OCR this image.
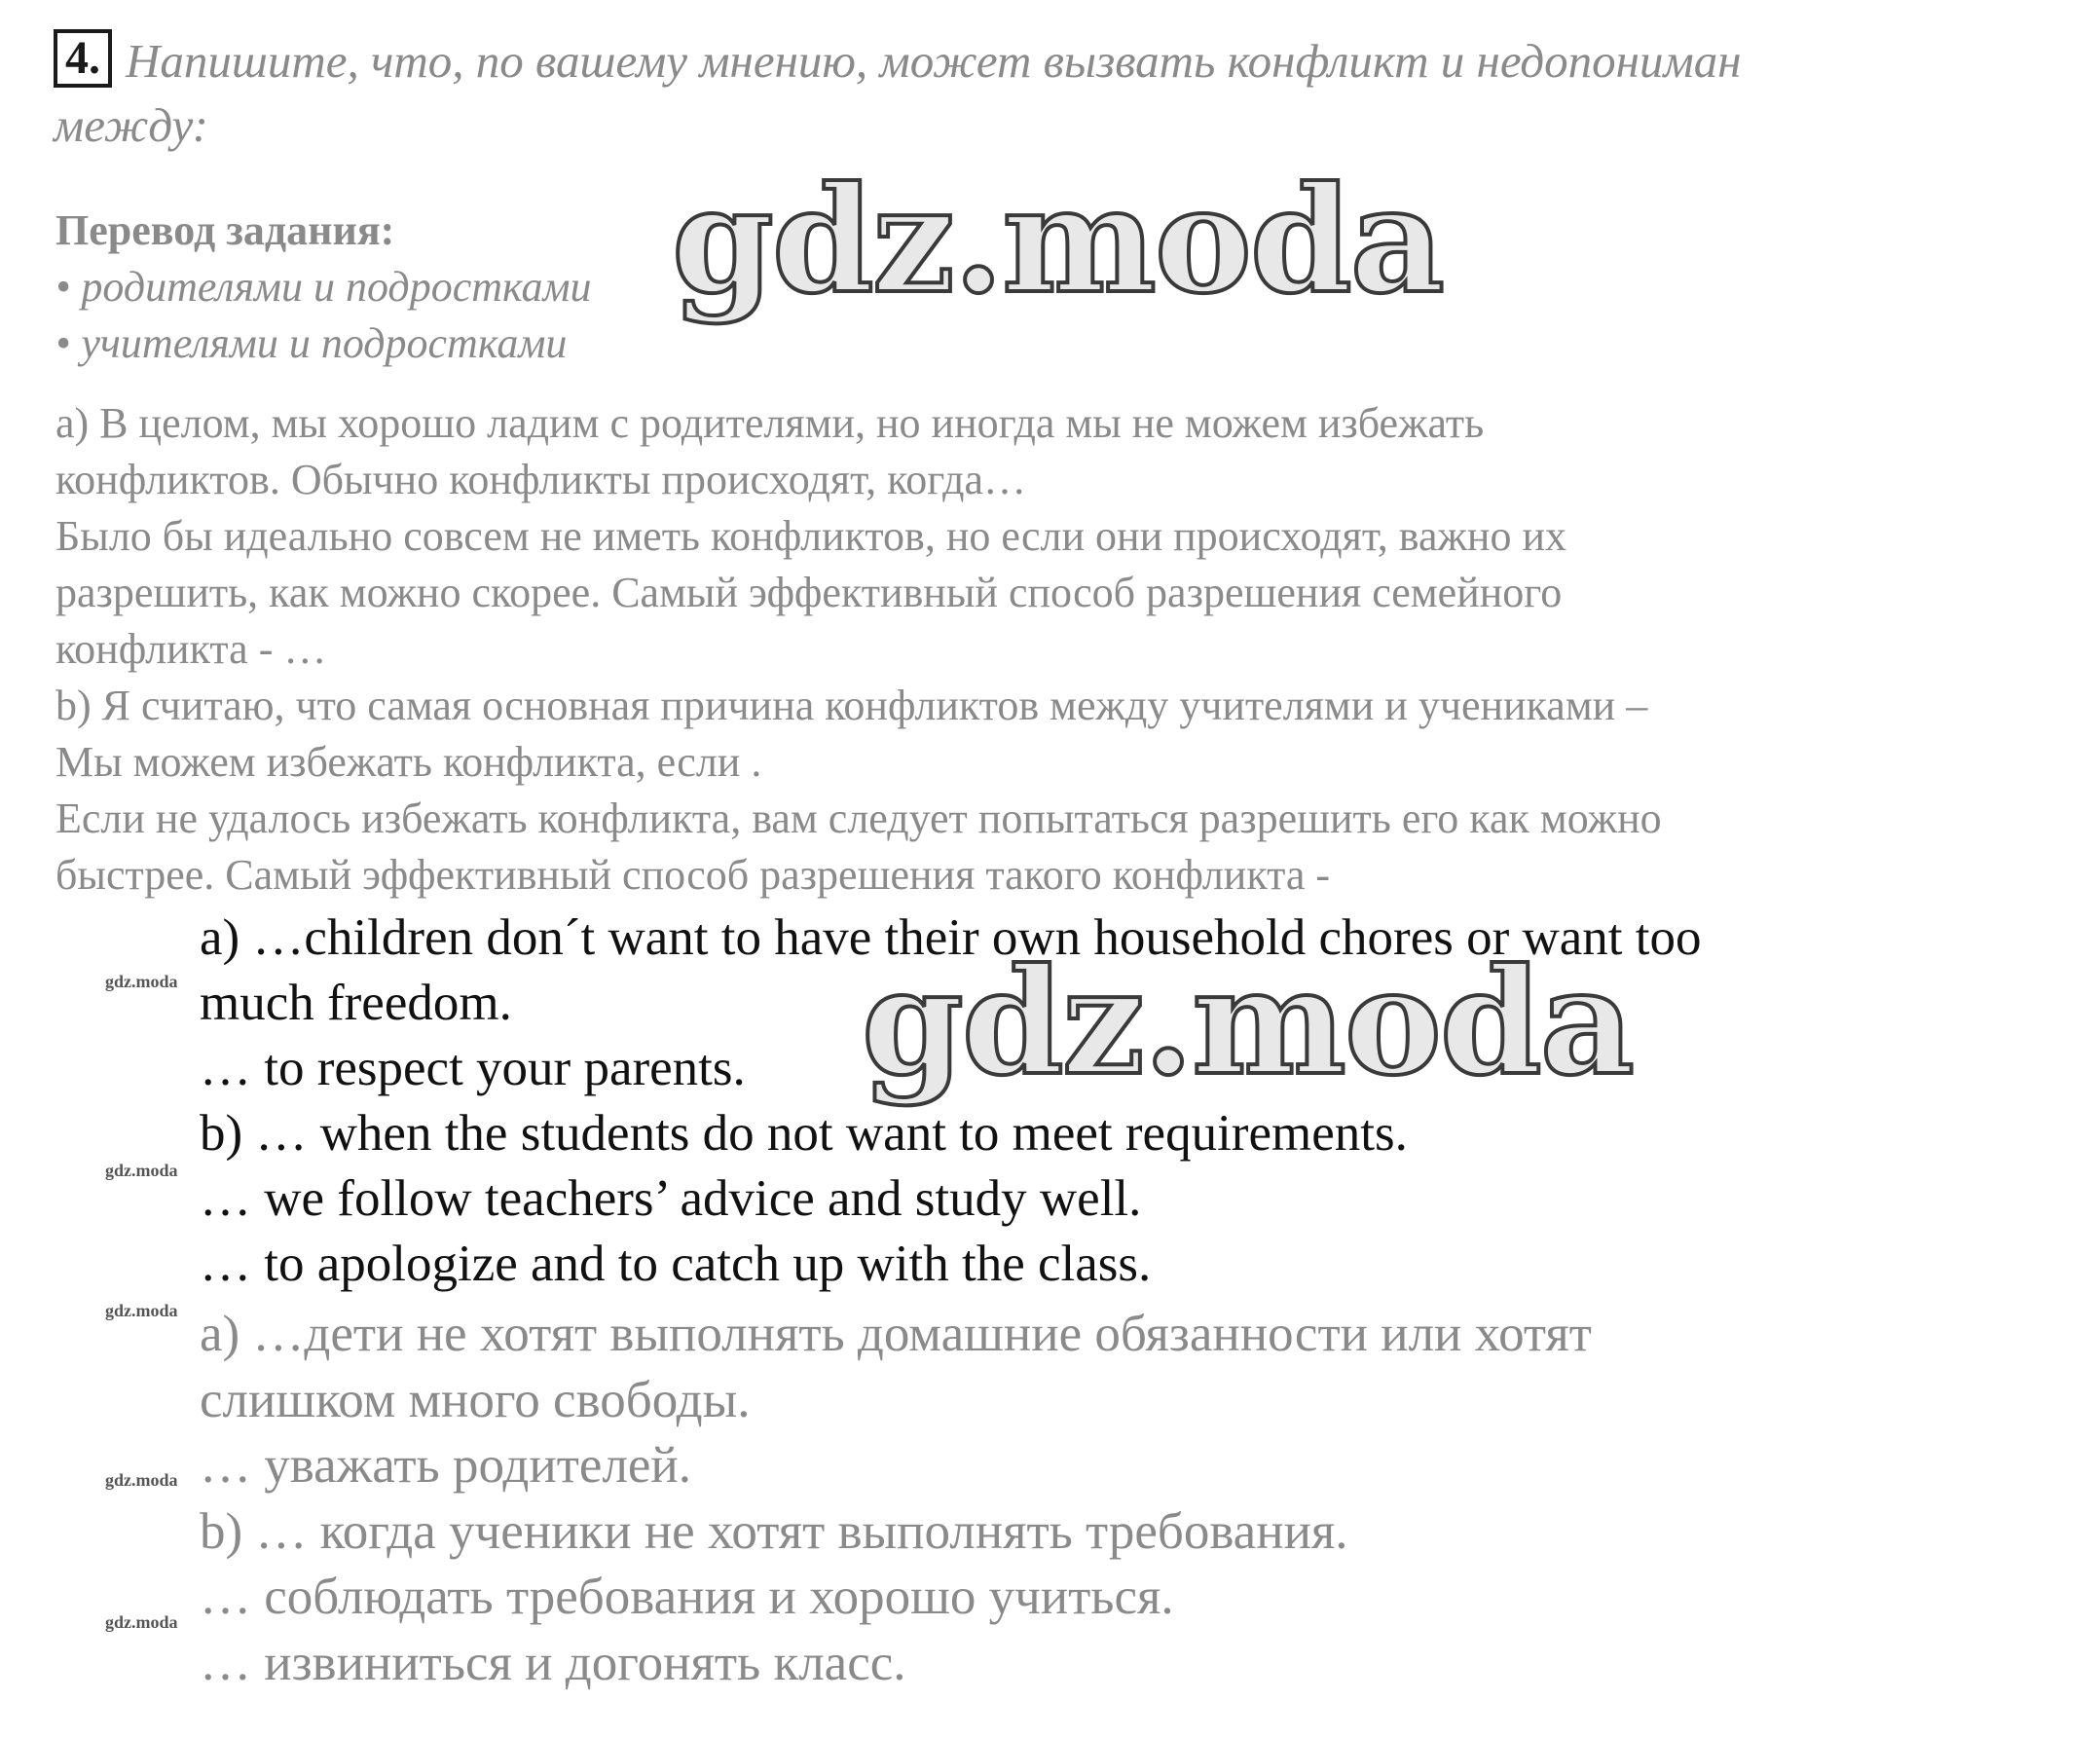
4. Напишите, что, по вашему мнению, может вызвать конфликт и недопониман
между:
Перевод задания:
• родителями и подростками
• учителями и подростками

a) В целом, мы хорошо ладим с родителями, но иногда мы не можем избежать

конфликтов. Обычно конфликты происходят, когда…

Было бы идеально совсем не иметь конфликтов, но если они происходят, важно их

разрешить, как можно скорее. Самый эффективный способ разрешения семейного

конфликта - …

b) Я считаю, что самая основная причина конфликтов между учителями и учениками –

Мы можем избежать конфликта, если .

Если не удалось избежать конфликта, вам следует попытаться разрешить его как можно

быстрее. Самый эффективный способ разрешения такого конфликта -

a) …children don´t want to have their own household chores or want too

much freedom.

… to respect your parents.

b) … when the students do not want to meet requirements.

… we follow teachers’ advice and study well.

… to apologize and to catch up with the class.

a) …дети не хотят выполнять домашние обязанности или хотят

слишком много свободы.

… уважать родителей.

b) … когда ученики не хотят выполнять требования.

… соблюдать требования и хорошо учиться.

… извиниться и догонять класс.

gdz.moda
gdz.moda
gdz.moda
gdz.moda
gdz.moda
gdz.moda
gdz.moda
